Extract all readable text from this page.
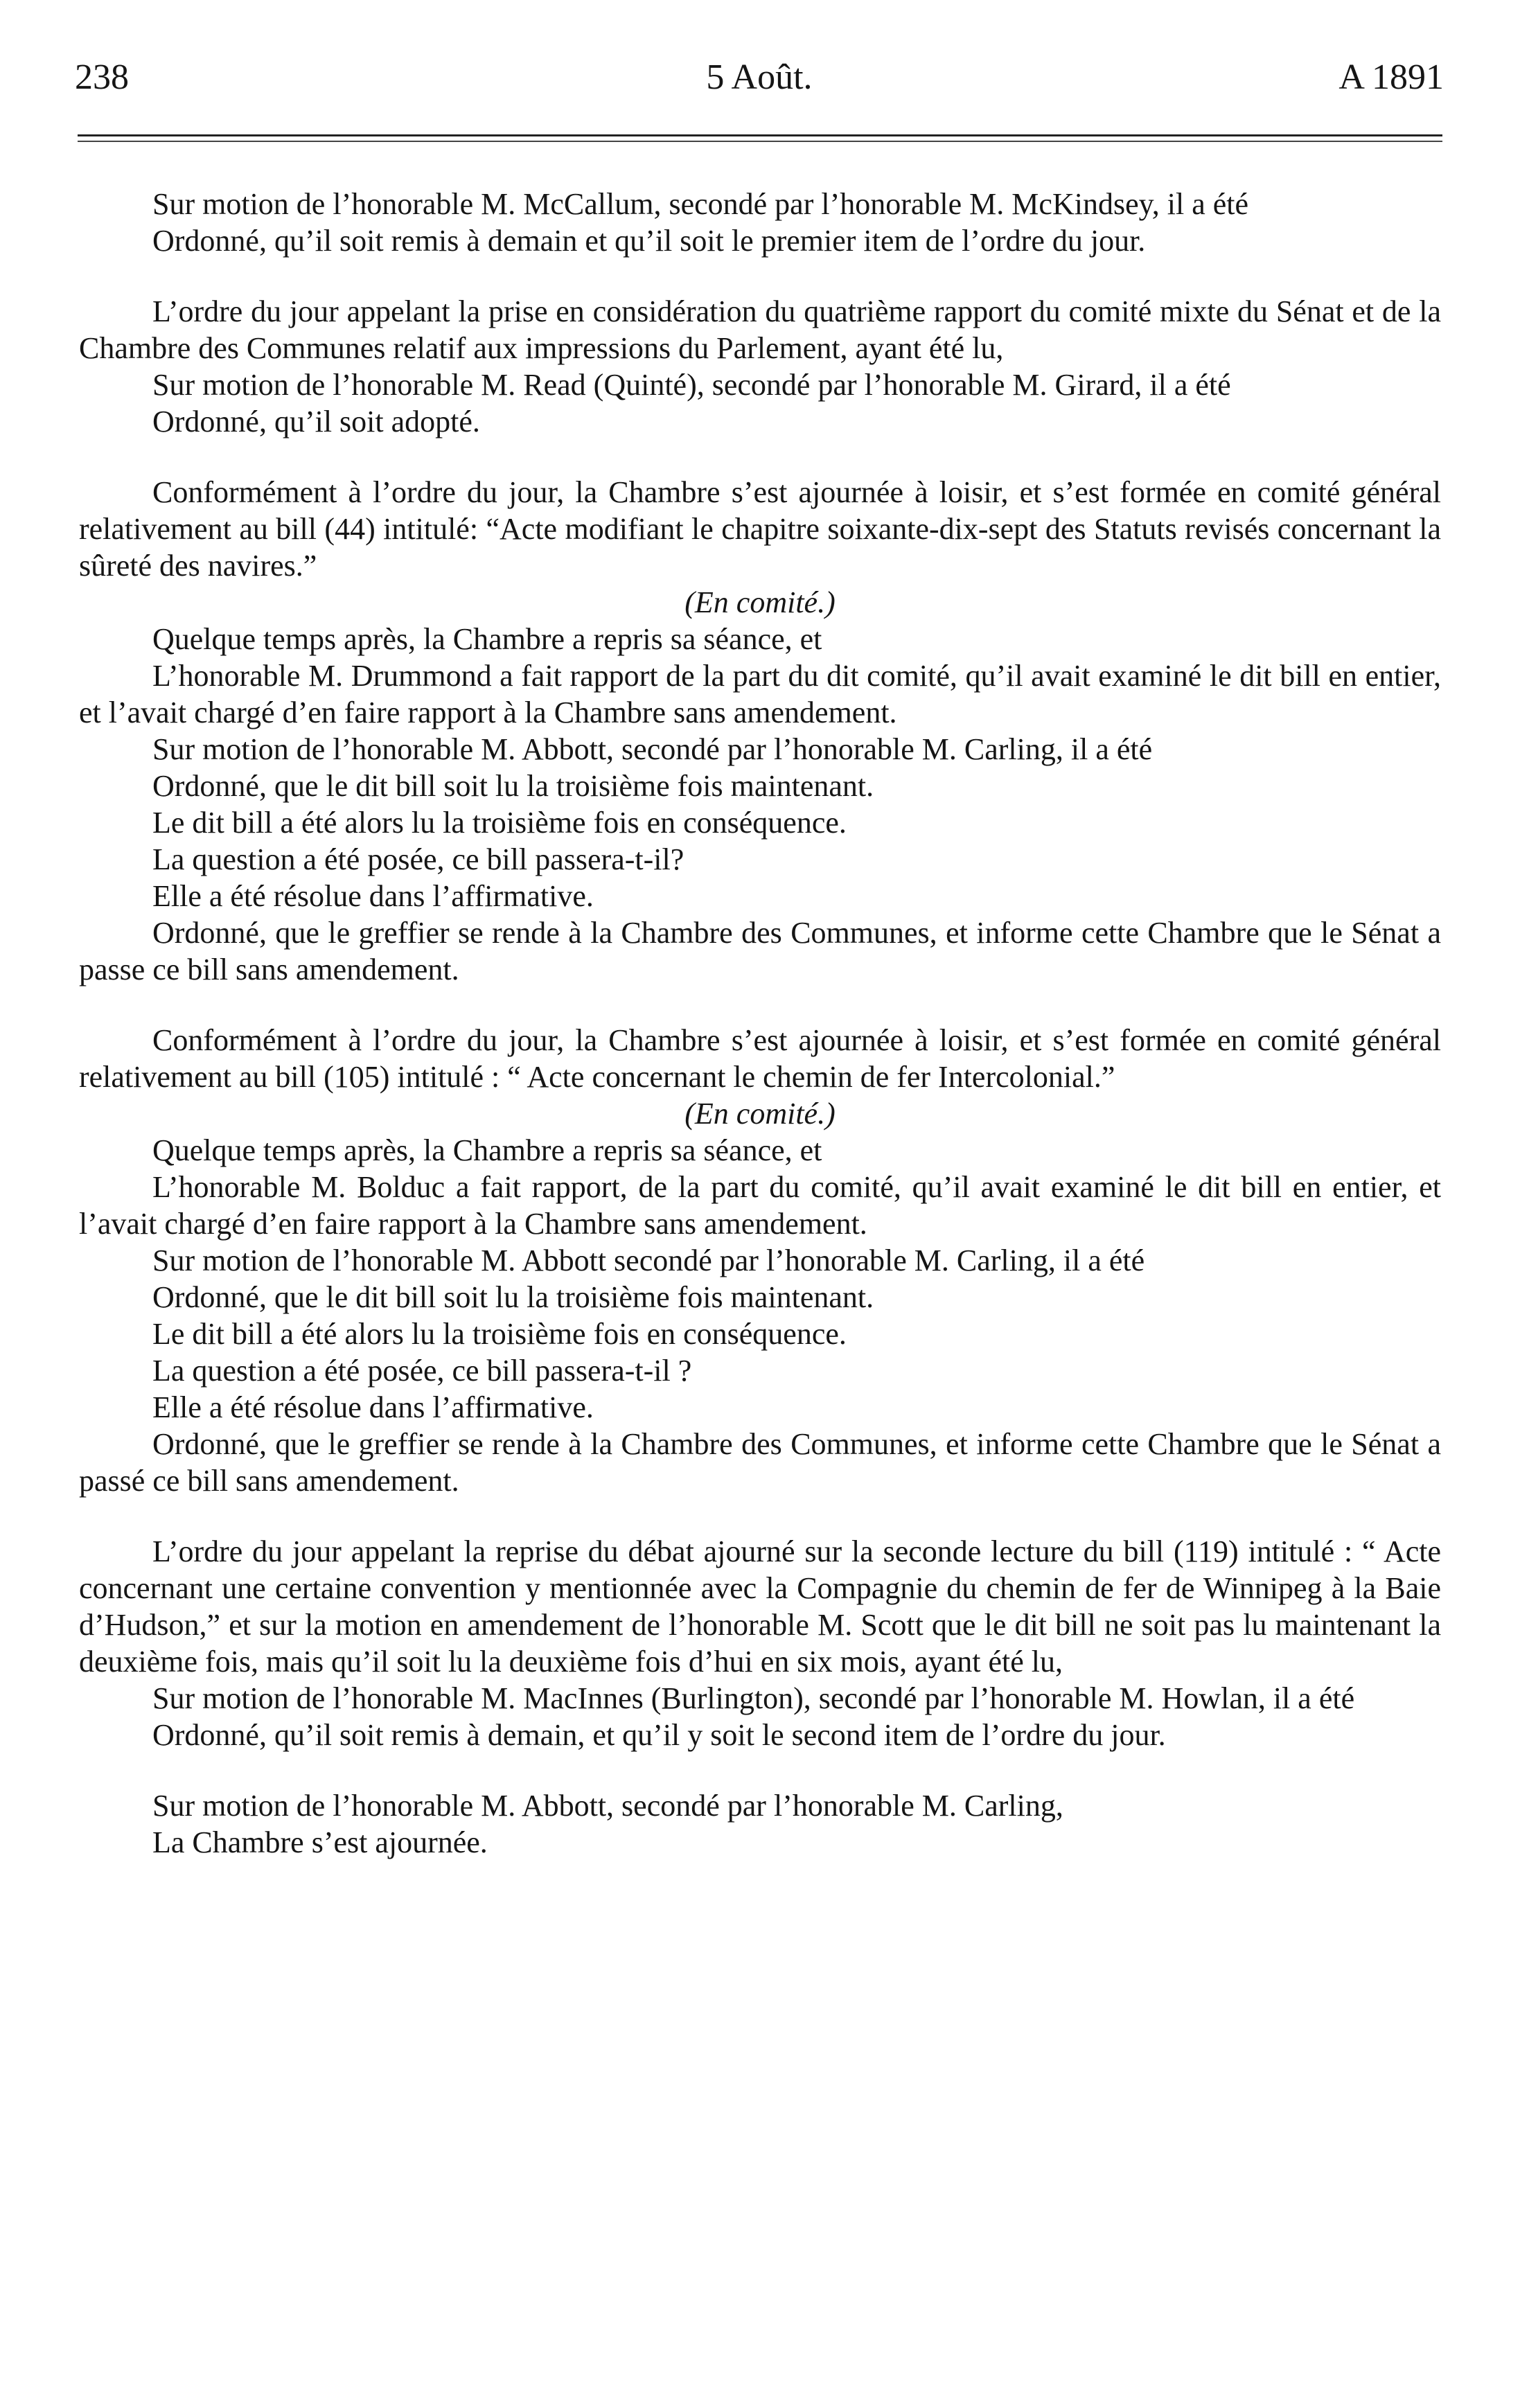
238	5 Août.	A 1891

Sur motion de l’honorable M. McCallum, secondé par l’honorable M. McKindsey, il a été

Ordonné, qu’il soit remis à demain et qu’il soit le premier item de l’ordre du jour.

L’ordre du jour appelant la prise en considération du quatrième rapport du comité mixte du Sénat et de la Chambre des Communes relatif aux impressions du Parlement, ayant été lu,

Sur motion de l’honorable M. Read (Quinté), secondé par l’honorable M. Girard, il a été

Ordonné, qu’il soit adopté.

Conformément à l’ordre du jour, la Chambre s’est ajournée à loisir, et s’est formée en comité général relativement au bill (44) intitulé: “Acte modifiant le chapitre soixante-dix-sept des Statuts revisés concernant la sûreté des navires.”

(En comité.)

Quelque temps après, la Chambre a repris sa séance, et

L’honorable M. Drummond a fait rapport de la part du dit comité, qu’il avait examiné le dit bill en entier, et l’avait chargé d’en faire rapport à la Chambre sans amendement.

Sur motion de l’honorable M. Abbott, secondé par l’honorable M. Carling, il a été

Ordonné, que le dit bill soit lu la troisième fois maintenant.

Le dit bill a été alors lu la troisième fois en conséquence.

La question a été posée, ce bill passera-t-il?

Elle a été résolue dans l’affirmative.

Ordonné, que le greffier se rende à la Chambre des Communes, et informe cette Chambre que le Sénat a passe ce bill sans amendement.

Conformément à l’ordre du jour, la Chambre s’est ajournée à loisir, et s’est formée en comité général relativement au bill (105) intitulé : “ Acte concernant le chemin de fer Intercolonial.”

(En comité.)

Quelque temps après, la Chambre a repris sa séance, et

L’honorable M. Bolduc a fait rapport, de la part du comité, qu’il avait examiné le dit bill en entier, et l’avait chargé d’en faire rapport à la Chambre sans amendement.

Sur motion de l’honorable M. Abbott secondé par l’honorable M. Carling, il a été

Ordonné, que le dit bill soit lu la troisième fois maintenant.

Le dit bill a été alors lu la troisième fois en conséquence.

La question a été posée, ce bill passera-t-il ?

Elle a été résolue dans l’affirmative.

Ordonné, que le greffier se rende à la Chambre des Communes, et informe cette Chambre que le Sénat a passé ce bill sans amendement.

L’ordre du jour appelant la reprise du débat ajourné sur la seconde lecture du bill (119) intitulé : “ Acte concernant une certaine convention y mentionnée avec la Compagnie du chemin de fer de Winnipeg à la Baie d’Hudson,” et sur la motion en amendement de l’honorable M. Scott que le dit bill ne soit pas lu maintenant la deuxième fois, mais qu’il soit lu la deuxième fois d’hui en six mois, ayant été lu,

Sur motion de l’honorable M. MacInnes (Burlington), secondé par l’honorable M. Howlan, il a été

Ordonné, qu’il soit remis à demain, et qu’il y soit le second item de l’ordre du jour.

Sur motion de l’honorable M. Abbott, secondé par l’honorable M. Carling,

La Chambre s’est ajournée.
